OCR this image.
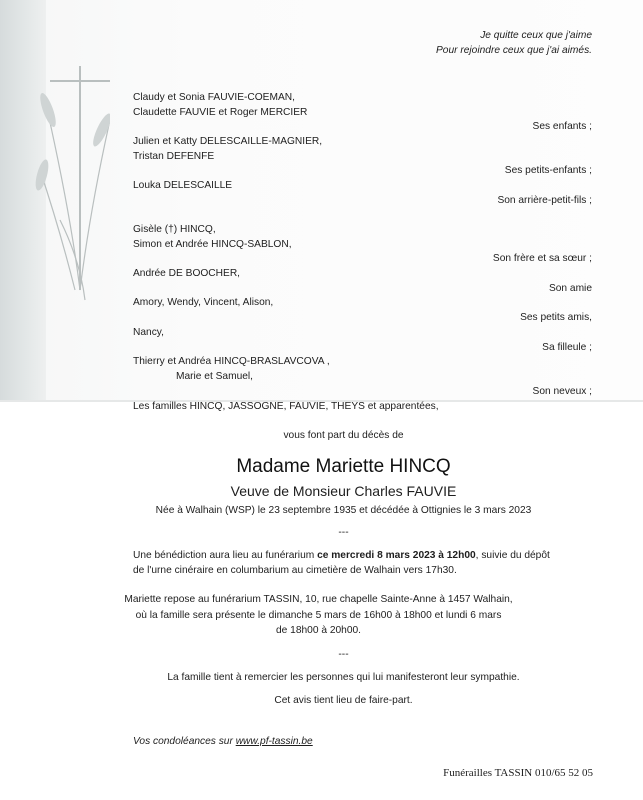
Je quitte ceux que j'aime
Pour rejoindre ceux que j'ai aimés.
Claudy et Sonia FAUVIE-COEMAN,
Claudette FAUVIE et Roger MERCIER
Ses enfants ;
Julien et Katty DELESCAILLE-MAGNIER,
Tristan DEFENFE
Ses petits-enfants ;
Louka DELESCAILLE
Son arrière-petit-fils ;
Gisèle (†) HINCQ,
Simon et Andrée HINCQ-SABLON,
Son frère et sa sœur ;
Andrée DE BOOCHER,
Son amie
Amory, Wendy, Vincent, Alison,
Ses petits amis,
Nancy,
Sa filleule ;
Thierry et Andréa HINCQ-BRASLAVCOVA ,
Marie et Samuel,
Son neveux ;
Les familles HINCQ, JASSOGNE, FAUVIE, THEYS et apparentées,
vous font part du décès de
Madame Mariette HINCQ
Veuve de Monsieur Charles FAUVIE
Née à Walhain (WSP) le 23 septembre 1935 et décédée à Ottignies le 3 mars 2023
---
Une bénédiction aura lieu au funérarium ce mercredi 8 mars 2023 à 12h00, suivie du dépôt
de l'urne cinéraire en columbarium au cimetière de Walhain vers 17h30.
Mariette repose au funérarium TASSIN, 10, rue chapelle Sainte-Anne à 1457 Walhain,
où la famille sera présente le dimanche 5 mars de 16h00 à 18h00 et lundi 6 mars
de 18h00 à 20h00.
---
La famille tient à remercier les personnes qui lui manifesteront leur sympathie.
Cet avis tient lieu de faire-part.
Vos condoléances sur www.pf-tassin.be
Funérailles TASSIN 010/65 52 05
